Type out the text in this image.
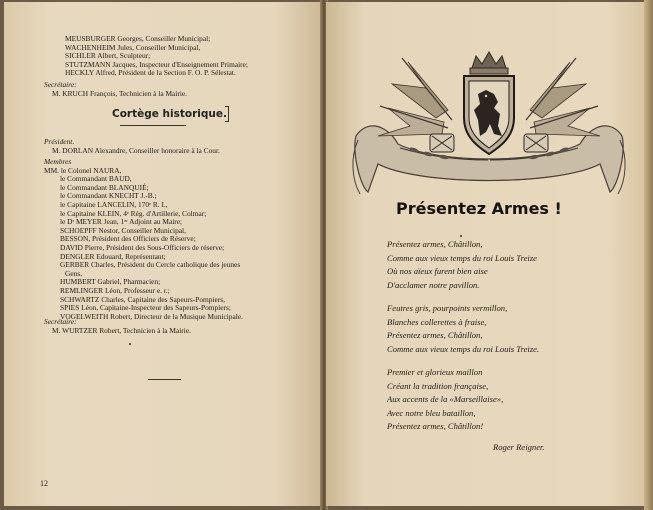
MEUSBURGER Georges, Conseiller Municipal;
WACHENHEIM Jules, Conseiller Municipal,
SICHLER Albert, Sculpteur;
STUTZMANN Jacques, Inspecteur d'Enseignement Primaire;
HECKLY Alfred, Président de la Section F. O. P. Sélestat.
Secrétaire:
M. KRUCH François, Technicien à la Mairie.
Cortège historique.
Président.
M. DORLAN Alexandre, Conseiller honoraire à la Cour.
Membres
MM. le Colonel NAURA,
le Commandant BAUD,
le Commandant BLANQUIÉ;
le Commandant KNECHT J.-B.;
le Capitaine LANCELIN, 170ᵉ R. I.,
le Capitaine KLEIN, 4ᵉ Rég. d'Artillerie, Colmar;
le Dʳ MEYER Jean, 1ᵉʳ Adjoint au Maire;
SCHOEPFF Nestor, Conseiller Municipal,
BESSON, Président des Officiers de Réserve;
DAVID Pierre, Président des Sous-Officiers de réserve;
DENGLER Edouard, Représentant;
GERBER Charles, Président du Cercle catholique des jeunes
Gens,
HUMBERT Gabriel, Pharmacien;
REMLINGER Léon, Professeur e. r.;
SCHWARTZ Charles, Capitaine des Sapeurs-Pompiers,
SPIES Léon, Capitaine-Inspecteur des Sapeurs-Pompiers;
VOGELWEITH Robert, Directeur de la Musique Municipale.
Secrétaire:
M. WURTZER Robert, Technicien à la Mairie.
12
Présentez Armes !
Présentez armes, Châtillon,
Comme aux vieux temps du roi Louis Treize
Où nos aïeux furent bien aise
D'acclamer notre pavillon.
Feutres gris, pourpoints vermillon,
Blanches collerettes à fraise,
Présentez armes, Châtillon,
Comme aux vieux temps du roi Louis Treize.
Premier et glorieux maillon
Créant la tradition française,
Aux accents de la «Marseillaise»,
Avec notre bleu bataillon,
Présentez armes, Châtillon!
Roger Reigner.
